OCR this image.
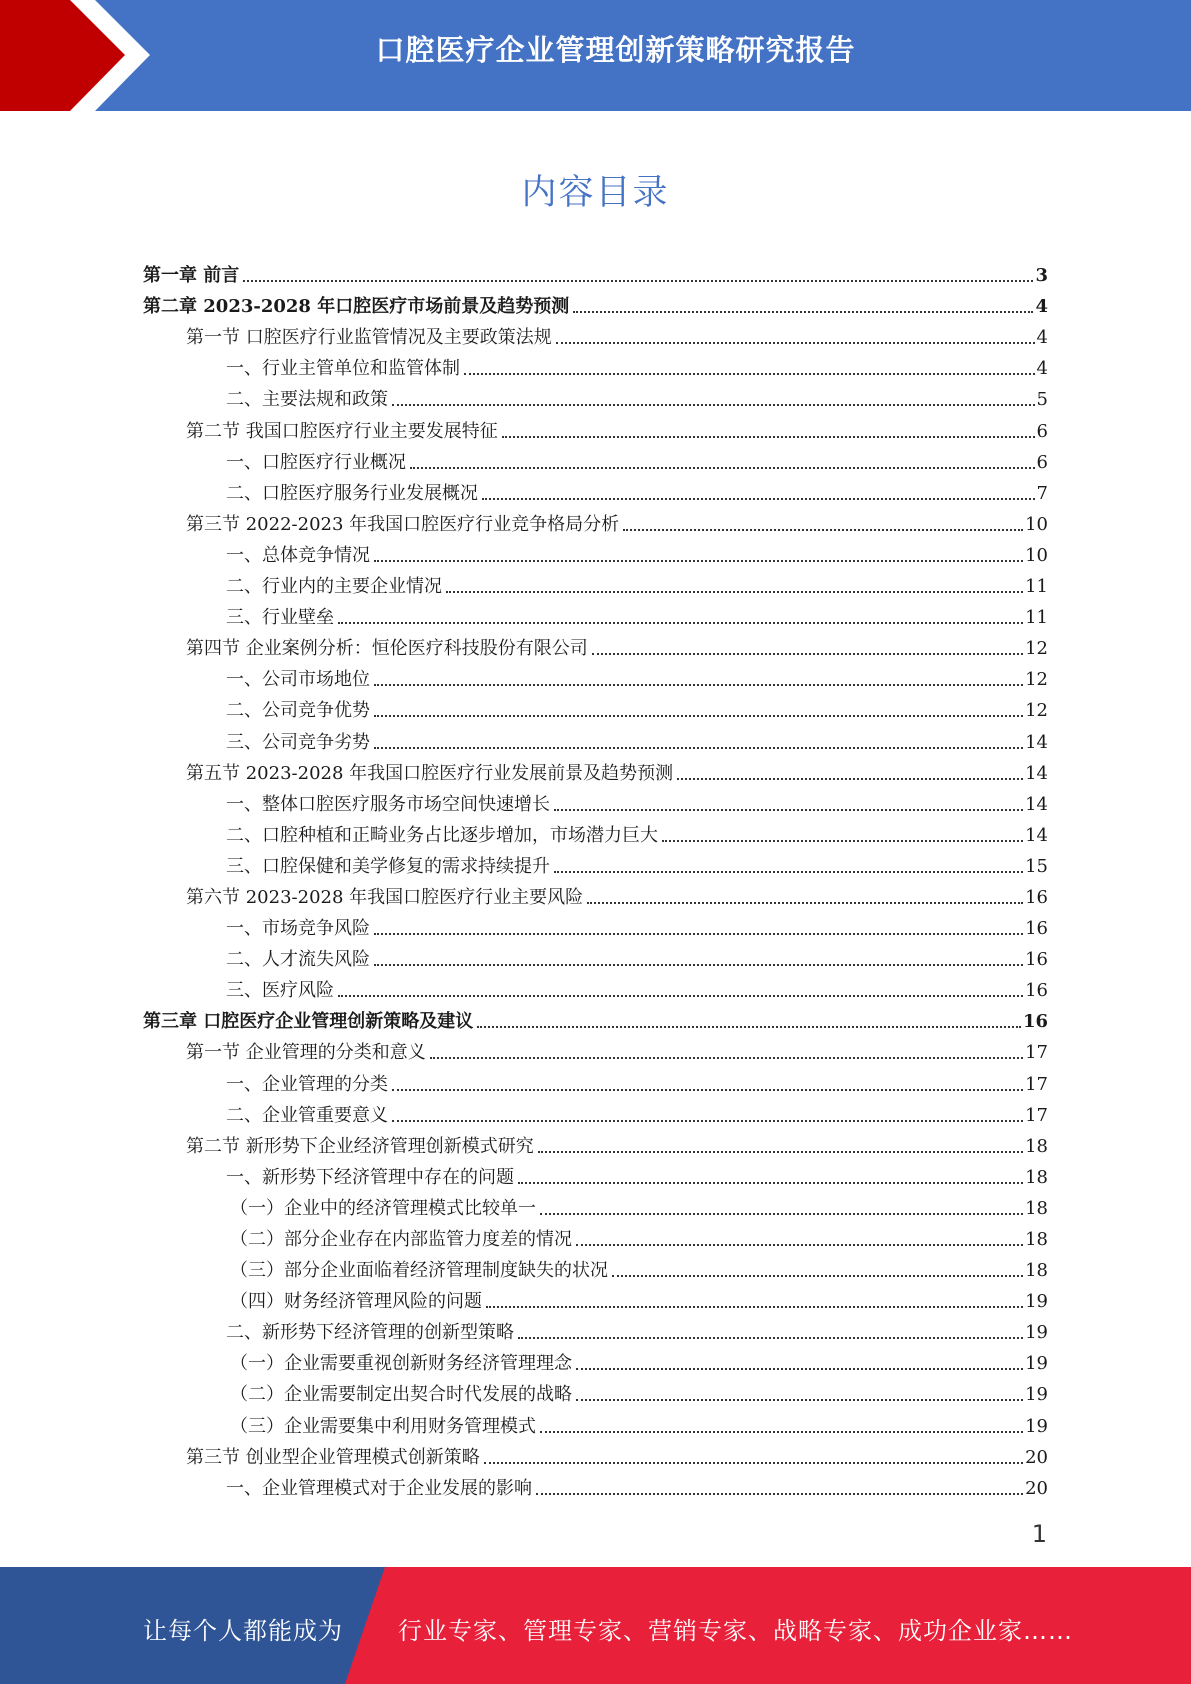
口腔医疗企业管理创新策略研究报告
内容目录
第一章 前言	3
第二章 2023-2028 年口腔医疗市场前景及趋势预测	4
第一节 口腔医疗行业监管情况及主要政策法规	4
一、行业主管单位和监管体制	4
二、主要法规和政策	5
第二节 我国口腔医疗行业主要发展特征	6
一、口腔医疗行业概况	6
二、口腔医疗服务行业发展概况	7
第三节 2022-2023 年我国口腔医疗行业竞争格局分析	10
一、总体竞争情况	10
二、行业内的主要企业情况	11
三、行业壁垒	11
第四节 企业案例分析：恒伦医疗科技股份有限公司	12
一、公司市场地位	12
二、公司竞争优势	12
三、公司竞争劣势	14
第五节 2023-2028 年我国口腔医疗行业发展前景及趋势预测	14
一、整体口腔医疗服务市场空间快速增长	14
二、口腔种植和正畸业务占比逐步增加，市场潜力巨大	14
三、口腔保健和美学修复的需求持续提升	15
第六节 2023-2028 年我国口腔医疗行业主要风险	16
一、市场竞争风险	16
二、人才流失风险	16
三、医疗风险	16
第三章 口腔医疗企业管理创新策略及建议	16
第一节 企业管理的分类和意义	17
一、企业管理的分类	17
二、企业管重要意义	17
第二节 新形势下企业经济管理创新模式研究	18
一、新形势下经济管理中存在的问题	18
（一）企业中的经济管理模式比较单一	18
（二）部分企业存在内部监管力度差的情况	18
（三）部分企业面临着经济管理制度缺失的状况	18
（四）财务经济管理风险的问题	19
二、新形势下经济管理的创新型策略	19
（一）企业需要重视创新财务经济管理理念	19
（二）企业需要制定出契合时代发展的战略	19
（三）企业需要集中利用财务管理模式	19
第三节 创业型企业管理模式创新策略	20
一、企业管理模式对于企业发展的影响	20
1
让每个人都能成为 行业专家、管理专家、营销专家、战略专家、成功企业家……
